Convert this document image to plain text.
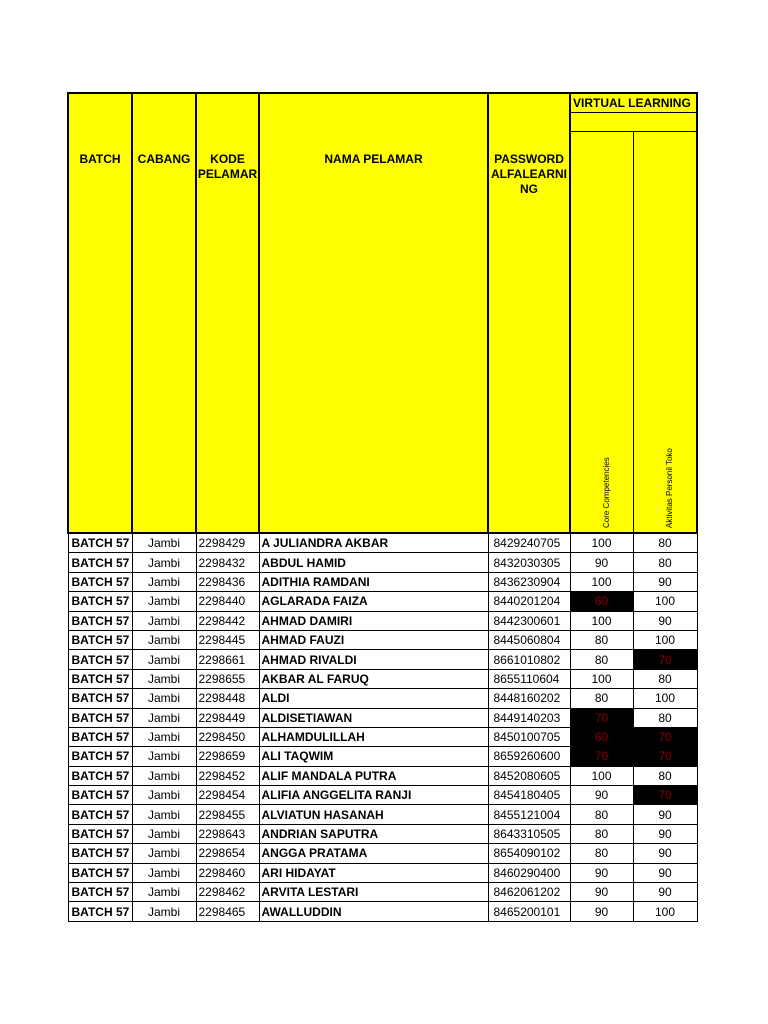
BATCH	CABANG	KODE PELAMAR	NAMA PELAMAR	PASSWORD ALFALEARNI NG	VIRTUAL LEARNING	

					Core Competencies	Aktivitas Personil Toko

BATCH 57	Jambi	2298429	A JULIANDRA AKBAR	8429240705	100	80
BATCH 57	Jambi	2298432	ABDUL HAMID	8432030305	90	80
BATCH 57	Jambi	2298436	ADITHIA RAMDANI	8436230904	100	90
BATCH 57	Jambi	2298440	AGLARADA FAIZA	8440201204	60	100
BATCH 57	Jambi	2298442	AHMAD DAMIRI	8442300601	100	90
BATCH 57	Jambi	2298445	AHMAD FAUZI	8445060804	80	100
BATCH 57	Jambi	2298661	AHMAD RIVALDI	8661010802	80	70
BATCH 57	Jambi	2298655	AKBAR AL FARUQ	8655110604	100	80
BATCH 57	Jambi	2298448	ALDI	8448160202	80	100
BATCH 57	Jambi	2298449	ALDISETIAWAN	8449140203	70	80
BATCH 57	Jambi	2298450	ALHAMDULILLAH	8450100705	60	70
BATCH 57	Jambi	2298659	ALI TAQWIM	8659260600	70	70
BATCH 57	Jambi	2298452	ALIF MANDALA PUTRA	8452080605	100	80
BATCH 57	Jambi	2298454	ALIFIA ANGGELITA RANJI	8454180405	90	70
BATCH 57	Jambi	2298455	ALVIATUN HASANAH	8455121004	80	90
BATCH 57	Jambi	2298643	ANDRIAN SAPUTRA	8643310505	80	90
BATCH 57	Jambi	2298654	ANGGA PRATAMA	8654090102	80	90
BATCH 57	Jambi	2298460	ARI HIDAYAT	8460290400	90	90
BATCH 57	Jambi	2298462	ARVITA LESTARI	8462061202	90	90
BATCH 57	Jambi	2298465	AWALLUDDIN	8465200101	90	100
